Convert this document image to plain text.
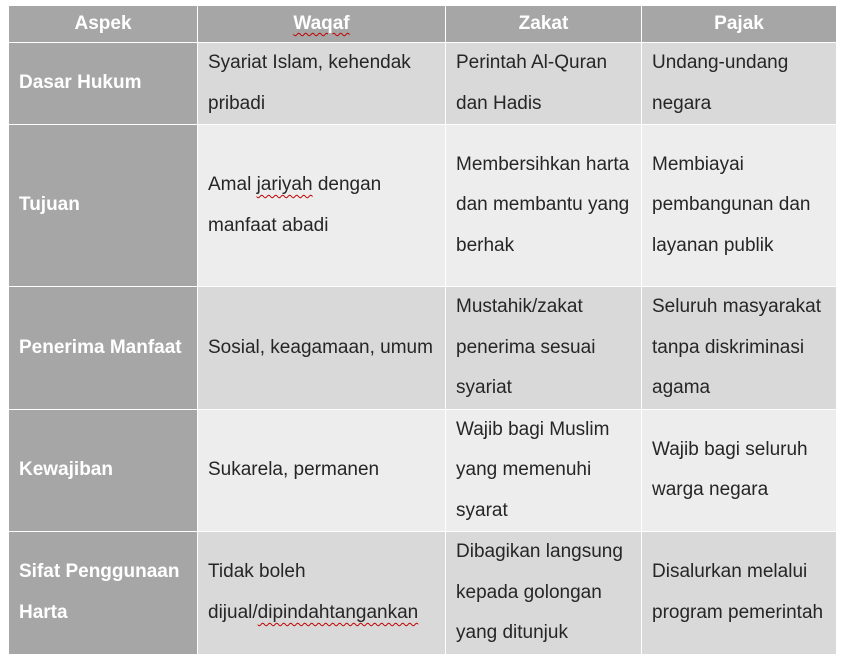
Aspek	Waqaf	Zakat	Pajak
Dasar Hukum	Syariat Islam, kehendak pribadi	Perintah Al-Quran dan Hadis	Undang-undang negara
Tujuan	Amal jariyah dengan manfaat abadi	Membersihkan harta dan membantu yang berhak	Membiayai pembangunan dan layanan publik
Penerima Manfaat	Sosial, keagamaan, umum	Mustahik/zakat penerima sesuai syariat	Seluruh masyarakat tanpa diskriminasi agama
Kewajiban	Sukarela, permanen	Wajib bagi Muslim yang memenuhi syarat	Wajib bagi seluruh warga negara
Sifat Penggunaan Harta	Tidak boleh dijual/dipindahtangankan	Dibagikan langsung kepada golongan yang ditunjuk	Disalurkan melalui program pemerintah
